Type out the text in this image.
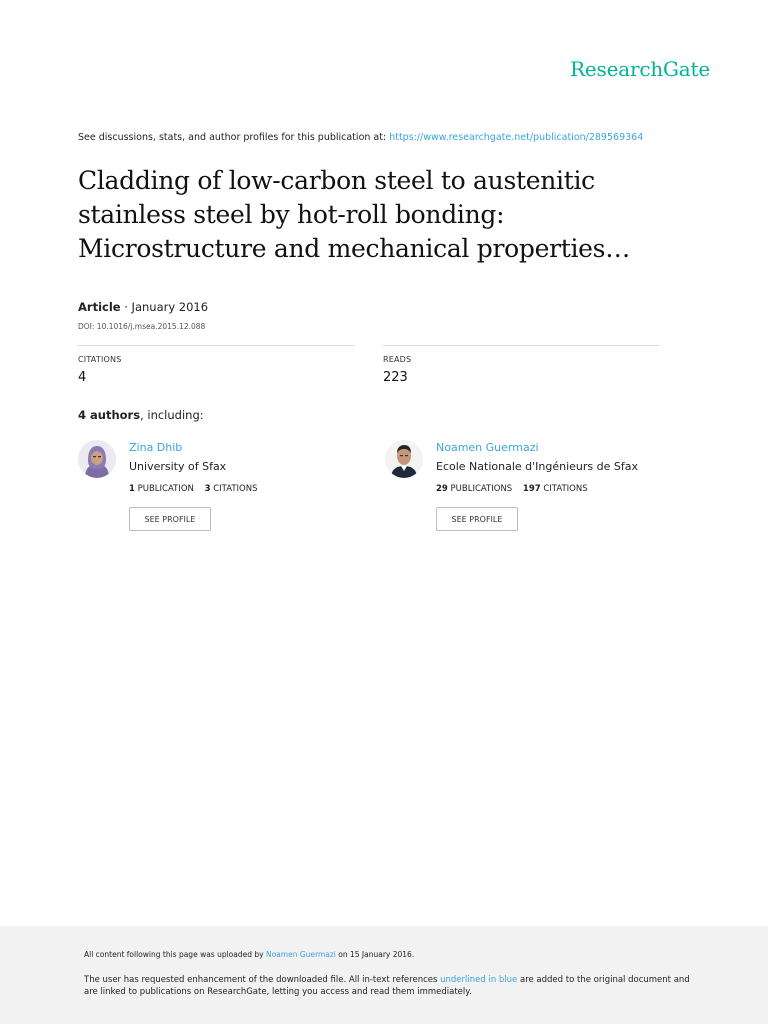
ResearchGate
See discussions, stats, and author profiles for this publication at: https://www.researchgate.net/publication/289569364
Cladding of low-carbon steel to austenitic stainless steel by hot-roll bonding: Microstructure and mechanical properties…
Article · January 2016
DOI: 10.1016/j.msea.2015.12.088
CITATIONS
4
READS
223
4 authors, including:
Zina Dhib
University of Sfax
1 PUBLICATION 3 CITATIONS
SEE PROFILE
Noamen Guermazi
Ecole Nationale d'Ingénieurs de Sfax
29 PUBLICATIONS 197 CITATIONS
SEE PROFILE
All content following this page was uploaded by Noamen Guermazi on 15 January 2016.
The user has requested enhancement of the downloaded file. All in-text references underlined in blue are added to the original document and are linked to publications on ResearchGate, letting you access and read them immediately.
